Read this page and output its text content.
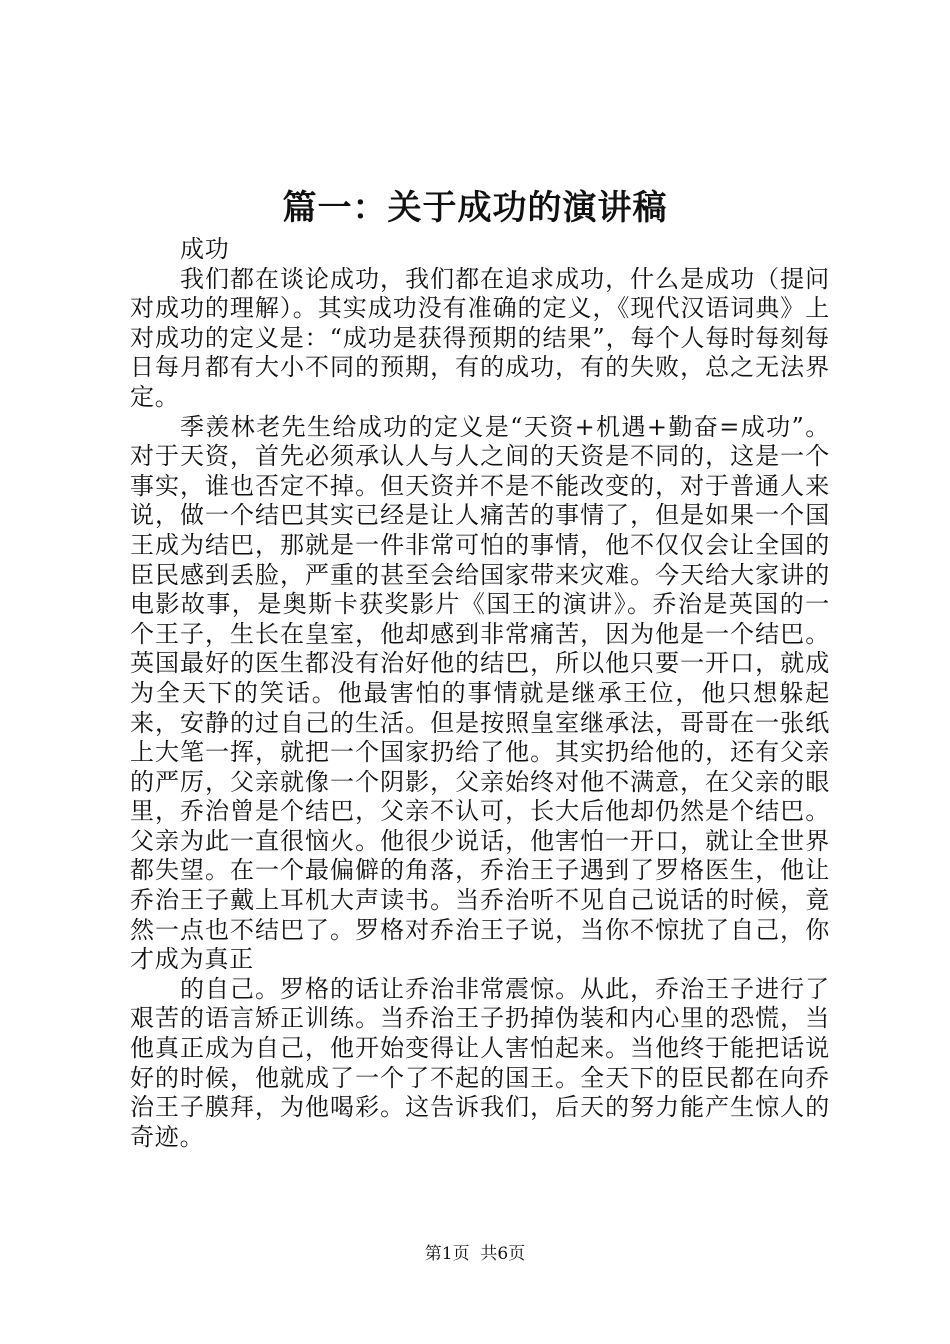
篇一：关于成功的演讲稿

成功

我们都在谈论成功，我们都在追求成功，什么是成功（提问对成功的理解）。其实成功没有准确的定义，《现代汉语词典》上对成功的定义是：“成功是获得预期的结果”，每个人每时每刻每日每月都有大小不同的预期，有的成功，有的失败，总之无法界定。

季羡林老先生给成功的定义是“天资+机遇+勤奋=成功”。对于天资，首先必须承认人与人之间的天资是不同的，这是一个事实，谁也否定不掉。但天资并不是不能改变的，对于普通人来说，做一个结巴其实已经是让人痛苦的事情了，但是如果一个国王成为结巴，那就是一件非常可怕的事情，他不仅仅会让全国的臣民感到丢脸，严重的甚至会给国家带来灾难。今天给大家讲的电影故事，是奥斯卡获奖影片《国王的演讲》。乔治是英国的一个王子，生长在皇室，他却感到非常痛苦，因为他是一个结巴。英国最好的医生都没有治好他的结巴，所以他只要一开口，就成为全天下的笑话。他最害怕的事情就是继承王位，他只想躲起来，安静的过自己的生活。但是按照皇室继承法，哥哥在一张纸上大笔一挥，就把一个国家扔给了他。其实扔给他的，还有父亲的严厉，父亲就像一个阴影，父亲始终对他不满意，在父亲的眼里，乔治曾是个结巴，父亲不认可，长大后他却仍然是个结巴。父亲为此一直很恼火。他很少说话，他害怕一开口，就让全世界都失望。在一个最偏僻的角落，乔治王子遇到了罗格医生，他让乔治王子戴上耳机大声读书。当乔治听不见自己说话的时候，竟然一点也不结巴了。罗格对乔治王子说，当你不惊扰了自己，你才成为真正

的自己。罗格的话让乔治非常震惊。从此，乔治王子进行了艰苦的语言矫正训练。当乔治王子扔掉伪装和内心里的恐慌，当他真正成为自己，他开始变得让人害怕起来。当他终于能把话说好的时候，他就成了一个了不起的国王。全天下的臣民都在向乔治王子膜拜，为他喝彩。这告诉我们，后天的努力能产生惊人的奇迹。

第1页  共6页
